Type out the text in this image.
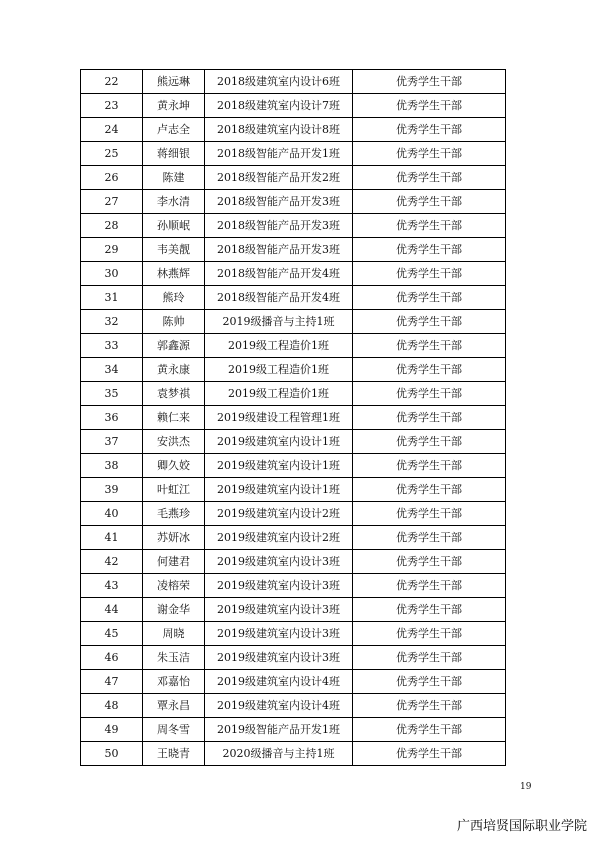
22	熊远琳	2018级建筑室内设计6班	优秀学生干部
23	黄永坤	2018级建筑室内设计7班	优秀学生干部
24	卢志全	2018级建筑室内设计8班	优秀学生干部
25	蒋细银	2018级智能产品开发1班	优秀学生干部
26	陈建	2018级智能产品开发2班	优秀学生干部
27	李水清	2018级智能产品开发3班	优秀学生干部
28	孙顺岷	2018级智能产品开发3班	优秀学生干部
29	韦美靓	2018级智能产品开发3班	优秀学生干部
30	林燕辉	2018级智能产品开发4班	优秀学生干部
31	熊玲	2018级智能产品开发4班	优秀学生干部
32	陈帅	2019级播音与主持1班	优秀学生干部
33	郭鑫源	2019级工程造价1班	优秀学生干部
34	黄永康	2019级工程造价1班	优秀学生干部
35	袁梦祺	2019级工程造价1班	优秀学生干部
36	赖仁来	2019级建设工程管理1班	优秀学生干部
37	安洪杰	2019级建筑室内设计1班	优秀学生干部
38	卿久姣	2019级建筑室内设计1班	优秀学生干部
39	叶虹江	2019级建筑室内设计1班	优秀学生干部
40	毛燕珍	2019级建筑室内设计2班	优秀学生干部
41	苏妍冰	2019级建筑室内设计2班	优秀学生干部
42	何建君	2019级建筑室内设计3班	优秀学生干部
43	凌榕荣	2019级建筑室内设计3班	优秀学生干部
44	谢金华	2019级建筑室内设计3班	优秀学生干部
45	周晓	2019级建筑室内设计3班	优秀学生干部
46	朱玉洁	2019级建筑室内设计3班	优秀学生干部
47	邓嘉怡	2019级建筑室内设计4班	优秀学生干部
48	覃永昌	2019级建筑室内设计4班	优秀学生干部
49	周冬雪	2019级智能产品开发1班	优秀学生干部
50	王晓青	2020级播音与主持1班	优秀学生干部
19
广西培贤国际职业学院
